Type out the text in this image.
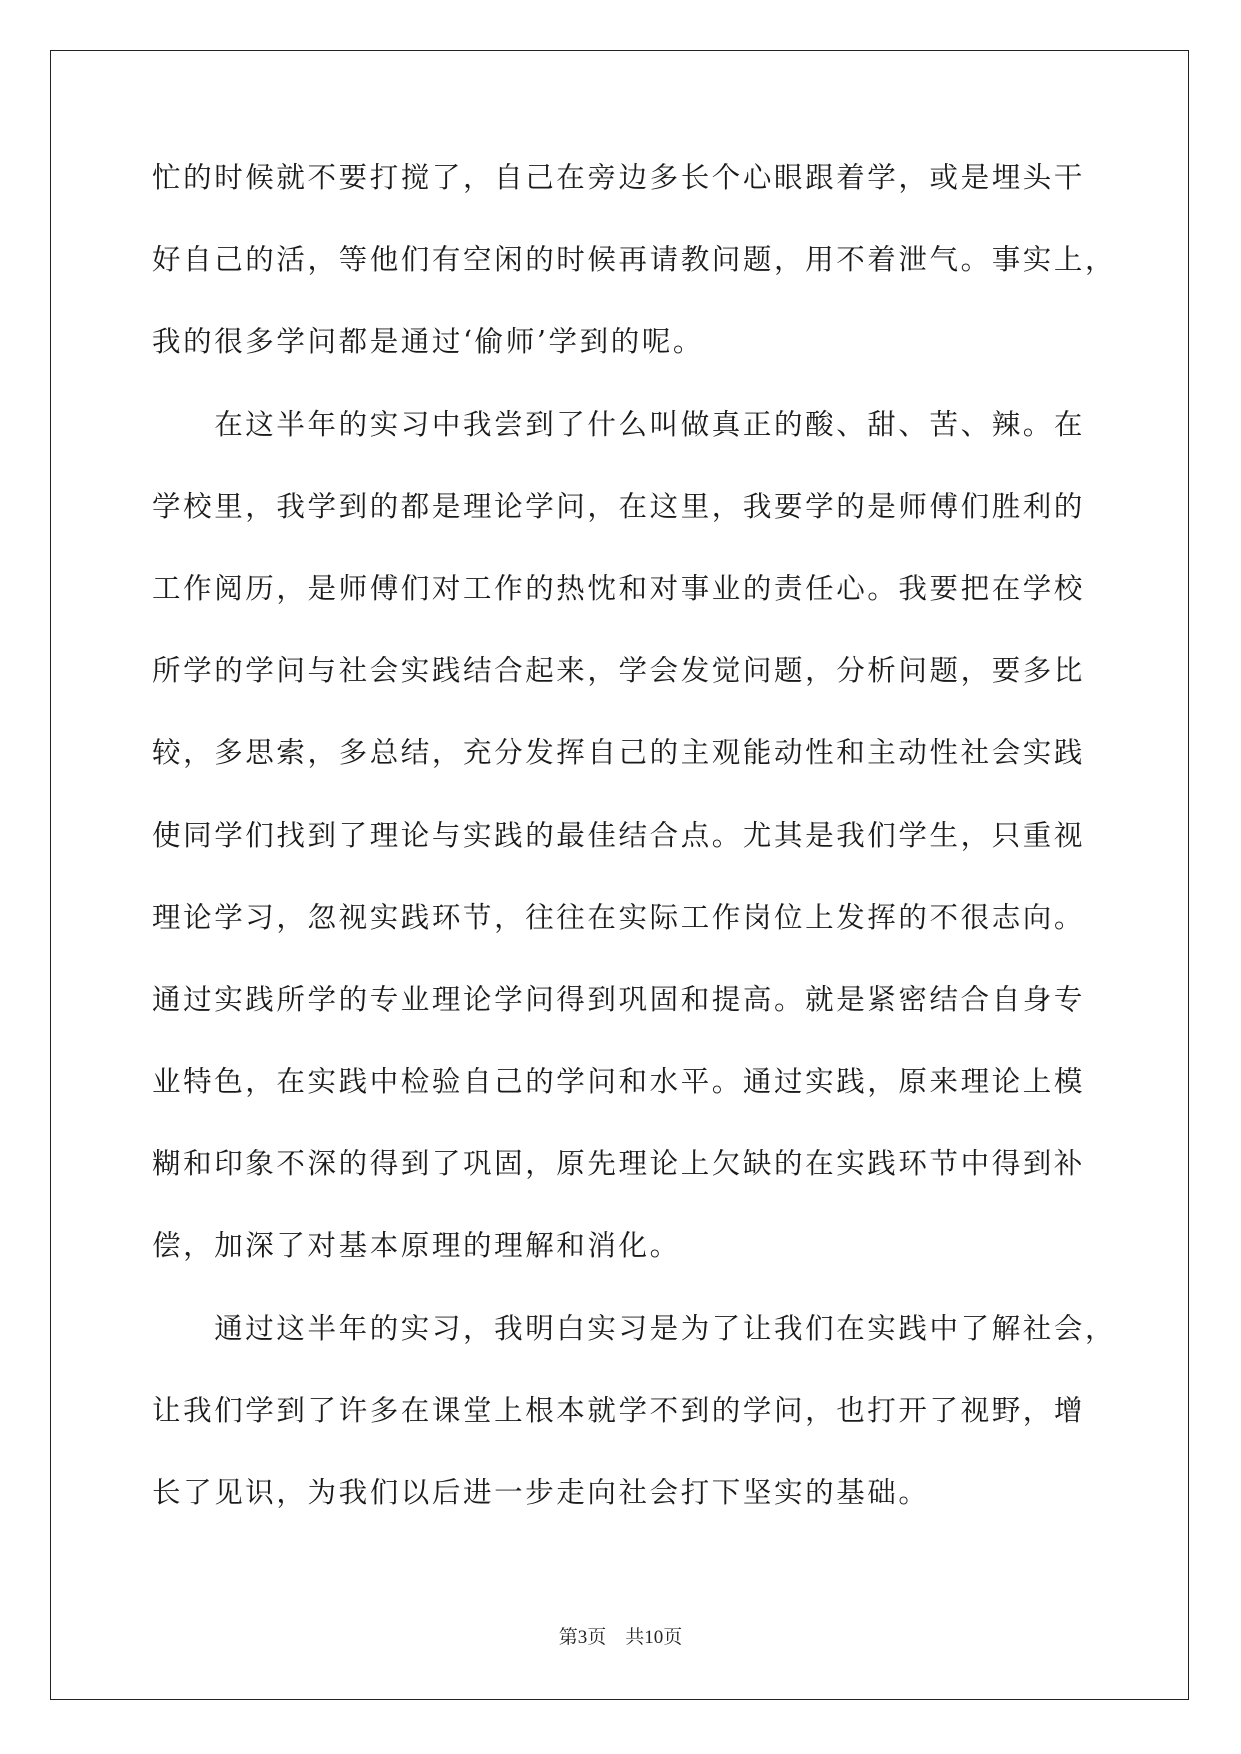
忙的时候就不要打搅了，自己在旁边多长个心眼跟着学，或是埋头干

好自己的活，等他们有空闲的时候再请教问题，用不着泄气。事实上，

我的很多学问都是通过‘偷师’学到的呢。

　　在这半年的实习中我尝到了什么叫做真正的酸、甜、苦、辣。在

学校里，我学到的都是理论学问，在这里，我要学的是师傅们胜利的

工作阅历，是师傅们对工作的热忱和对事业的责任心。我要把在学校

所学的学问与社会实践结合起来，学会发觉问题，分析问题，要多比

较，多思索，多总结，充分发挥自己的主观能动性和主动性社会实践

使同学们找到了理论与实践的最佳结合点。尤其是我们学生，只重视

理论学习，忽视实践环节，往往在实际工作岗位上发挥的不很志向。

通过实践所学的专业理论学问得到巩固和提高。就是紧密结合自身专

业特色，在实践中检验自己的学问和水平。通过实践，原来理论上模

糊和印象不深的得到了巩固，原先理论上欠缺的在实践环节中得到补

偿，加深了对基本原理的理解和消化。

　　通过这半年的实习，我明白实习是为了让我们在实践中了解社会，

让我们学到了许多在课堂上根本就学不到的学问，也打开了视野，增

长了见识，为我们以后进一步走向社会打下坚实的基础。

第3页　共10页
